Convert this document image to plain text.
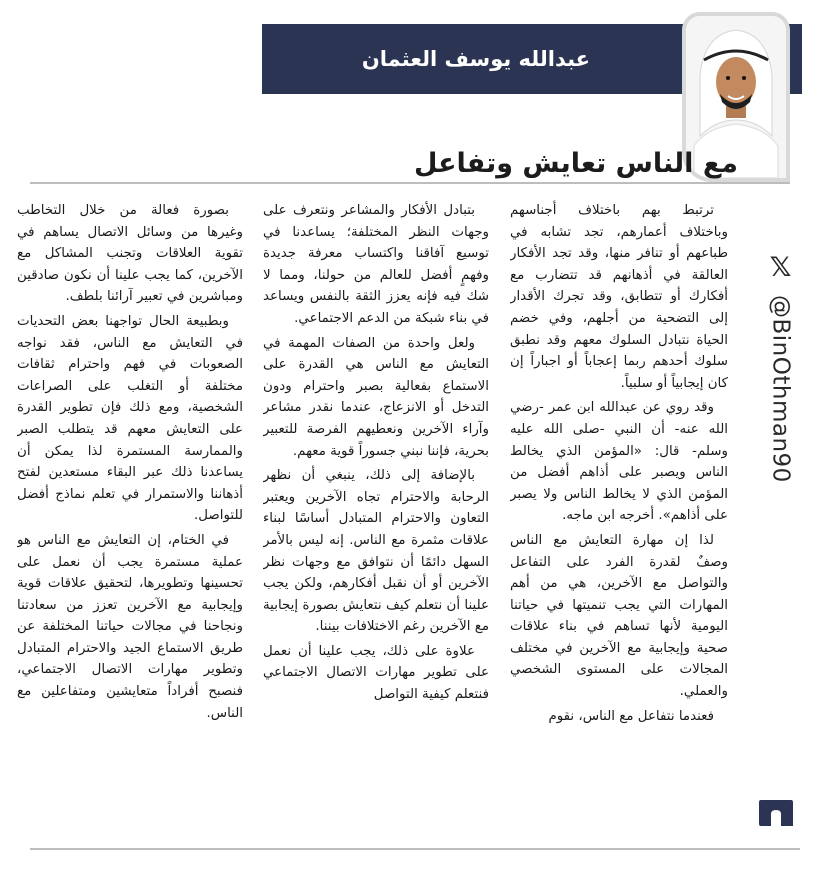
عبدالله يوسف العثمان
مع الناس تعايش وتفاعل

ترتبط بهم باختلاف أجناسهم وباختلاف أعمارهم، تجد تشابه في طباعهم أو تنافر منها، وقد تجد الأفكار العالقة في أذهانهم قد تتضارب مع أفكارك أو تتطابق، وقد تجرك الأقدار إلى التضحية من أجلهم، وفي خضم الحياة نتبادل السلوك معهم وقد نطبق سلوك أحدهم ربما إعجاباً أو اجباراً إن كان إيجابياً أو سلبياً.

وقد روي عن عبدالله ابن عمر -رضي الله عنه- أن النبي -صلى الله عليه وسلم- قال: «المؤمن الذي يخالط الناس ويصبر على أذاهم أفضل من المؤمن الذي لا يخالط الناس ولا يصبر على أذاهم». أخرجه ابن ماجه.

لذا إن مهارة التعايش مع الناس وصفٌ لقدرة الفرد على التفاعل والتواصل مع الآخرين، هي من أهم المهارات التي يجب تنميتها في حياتنا اليومية لأنها تساهم في بناء علاقات صحية وإيجابية مع الآخرين في مختلف المجالات على المستوى الشخصي والعملي.

فعندما نتفاعل مع الناس، نقوم

بتبادل الأفكار والمشاعر ونتعرف على وجهات النظر المختلفة؛ يساعدنا في توسيع آفاقنا واكتساب معرفة جديدة وفهمٍ أفضل للعالم من حولنا، ومما لا شك فيه فإنه يعزز الثقة بالنفس ويساعد في بناء شبكة من الدعم الاجتماعي.

ولعل واحدة من الصفات المهمة في التعايش مع الناس هي القدرة على الاستماع بفعالية بصبر واحترام ودون التدخل أو الانزعاج، عندما نقدر مشاعر وآراء الآخرين ونعطيهم الفرصة للتعبير بحرية، فإننا نبني جسوراً قوية معهم.

بالإضافة إلى ذلك، ينبغي أن نظهر الرحابة والاحترام تجاه الآخرين ويعتبر التعاون والاحترام المتبادل أساسًا لبناء علاقات مثمرة مع الناس. إنه ليس بالأمر السهل دائمًا أن نتوافق مع وجهات نظر الآخرين أو أن نقبل أفكارهم، ولكن يجب علينا أن نتعلم كيف نتعايش بصورة إيجابية مع الآخرين رغم الاختلافات بيننا.

علاوة على ذلك، يجب علينا أن نعمل على تطوير مهارات الاتصال الاجتماعي فنتعلم كيفية التواصل

بصورة فعالة من خلال التخاطب وغيرها من وسائل الاتصال يساهم في تقوية العلاقات وتجنب المشاكل مع الآخرين، كما يجب علينا أن نكون صادقين ومباشرين في تعبير آرائنا بلطف.

وبطبيعة الحال تواجهنا بعض التحديات في التعايش مع الناس، فقد نواجه الصعوبات في فهم واحترام ثقافات مختلفة أو التغلب على الصراعات الشخصية، ومع ذلك فإن تطوير القدرة على التعايش معهم قد يتطلب الصبر والممارسة المستمرة لذا يمكن أن يساعدنا ذلك عبر البقاء مستعدين لفتح أذهاننا والاستمرار في تعلم نماذج أفضل للتواصل.

في الختام، إن التعايش مع الناس هو عملية مستمرة يجب أن نعمل على تحسينها وتطويرها، لتحقيق علاقات قوية وإيجابية مع الآخرين تعزز من سعادتنا ونجاحنا في مجالات حياتنا المختلفة عن طريق الاستماع الجيد والاحترام المتبادل وتطوير مهارات الاتصال الاجتماعي، فنصبح أفراداً متعايشين ومتفاعلين مع الناس.

𝕏
@BinOthman90
